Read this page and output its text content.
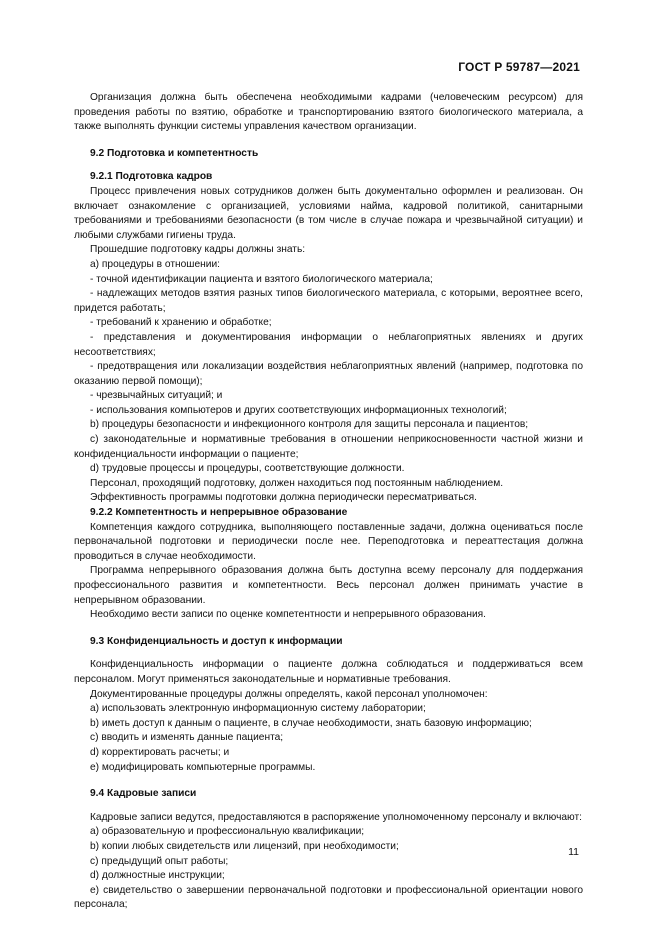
ГОСТ Р 59787—2021

Организация должна быть обеспечена необходимыми кадрами (человеческим ресурсом) для проведения работы по взятию, обработке и транспортированию взятого биологического материала, а также выполнять функции системы управления качеством организации.

9.2 Подготовка и компетентность
9.2.1 Подготовка кадров

Процесс привлечения новых сотрудников должен быть документально оформлен и реализован. Он включает ознакомление с организацией, условиями найма, кадровой политикой, санитарными требованиями и требованиями безопасности (в том числе в случае пожара и чрезвычайной ситуации) и любыми службами гигиены труда.

Прошедшие подготовку кадры должны знать:

а) процедуры в отношении:

- точной идентификации пациента и взятого биологического материала;

- надлежащих методов взятия разных типов биологического материала, с которыми, вероятнее всего, придется работать;

- требований к хранению и обработке;

- представления и документирования информации о неблагоприятных явлениях и других несоответствиях;

- предотвращения или локализации воздействия неблагоприятных явлений (например, подготовка по оказанию первой помощи);

- чрезвычайных ситуаций; и

- использования компьютеров и других соответствующих информационных технологий;

b) процедуры безопасности и инфекционного контроля для защиты персонала и пациентов;

c) законодательные и нормативные требования в отношении неприкосновенности частной жизни и конфиденциальности информации о пациенте;

d) трудовые процессы и процедуры, соответствующие должности.

Персонал, проходящий подготовку, должен находиться под постоянным наблюдением.

Эффективность программы подготовки должна периодически пересматриваться.

9.2.2 Компетентность и непрерывное образование

Компетенция каждого сотрудника, выполняющего поставленные задачи, должна оцениваться после первоначальной подготовки и периодически после нее. Переподготовка и переаттестация должна проводиться в случае необходимости.

Программа непрерывного образования должна быть доступна всему персоналу для поддержания профессионального развития и компетентности. Весь персонал должен принимать участие в непрерывном образовании.

Необходимо вести записи по оценке компетентности и непрерывного образования.

9.3 Конфиденциальность и доступ к информации

Конфиденциальность информации о пациенте должна соблюдаться и поддерживаться всем персоналом. Могут применяться законодательные и нормативные требования.

Документированные процедуры должны определять, какой персонал уполномочен:

а) использовать электронную информационную систему лаборатории;

b) иметь доступ к данным о пациенте, в случае необходимости, знать базовую информацию;

c) вводить и изменять данные пациента;

d) корректировать расчеты; и

e) модифицировать компьютерные программы.

9.4 Кадровые записи

Кадровые записи ведутся, предоставляются в распоряжение уполномоченному персоналу и включают:

а) образовательную и профессиональную квалификации;

b) копии любых свидетельств или лицензий, при необходимости;

c) предыдущий опыт работы;

d) должностные инструкции;

e) свидетельство о завершении первоначальной подготовки и профессиональной ориентации нового персонала;

11
